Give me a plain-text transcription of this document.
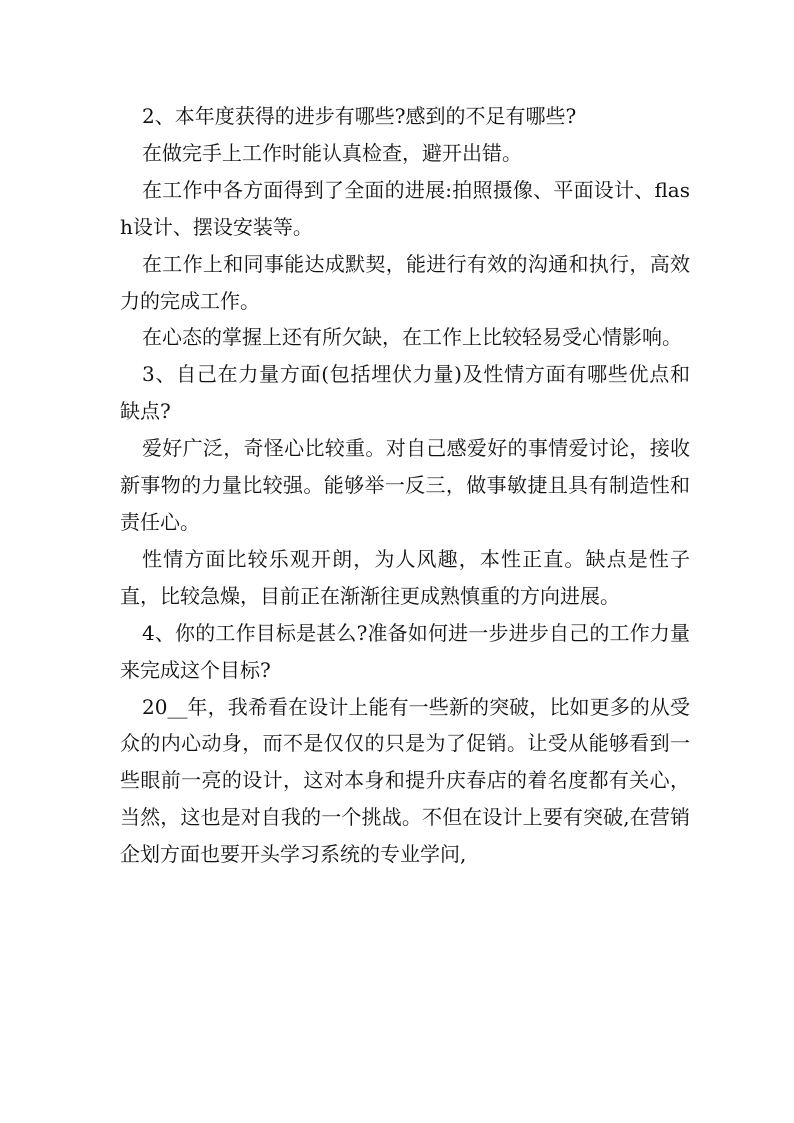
2、本年度获得的进步有哪些?感到的不足有哪些?

在做完手上工作时能认真检查，避开出错。

在工作中各方面得到了全面的进展:拍照摄像、平面设计、flash设计、摆设安装等。

在工作上和同事能达成默契，能进行有效的沟通和执行，高效力的完成工作。

在心态的掌握上还有所欠缺，在工作上比较轻易受心情影响。

3、自己在力量方面(包括埋伏力量)及性情方面有哪些优点和缺点?

爱好广泛，奇怪心比较重。对自己感爱好的事情爱讨论，接收新事物的力量比较强。能够举一反三，做事敏捷且具有制造性和责任心。

性情方面比较乐观开朗，为人风趣，本性正直。缺点是性子直，比较急燥，目前正在渐渐往更成熟慎重的方向进展。

4、你的工作目标是甚么?准备如何进一步进步自己的工作力量来完成这个目标?

20__年，我希看在设计上能有一些新的突破，比如更多的从受众的内心动身，而不是仅仅的只是为了促销。让受从能够看到一些眼前一亮的设计，这对本身和提升庆春店的着名度都有关心，当然，这也是对自我的一个挑战。不但在设计上要有突破,在营销企划方面也要开头学习系统的专业学问,
